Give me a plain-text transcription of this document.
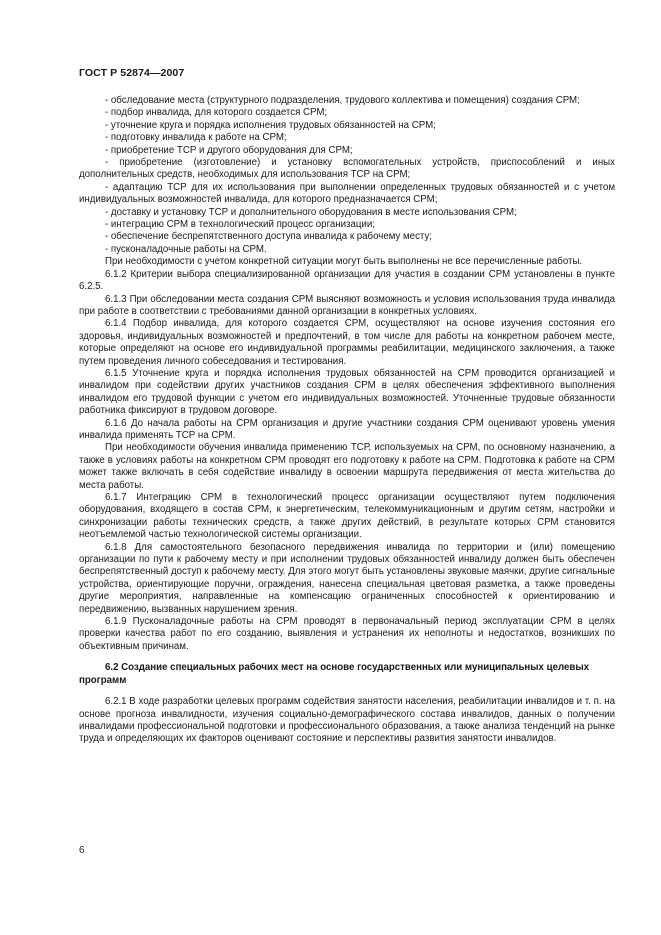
ГОСТ Р 52874—2007

- обследование места (структурного подразделения, трудового коллектива и помещения) создания СРМ;

- подбор инвалида, для которого создается СРМ;

- уточнение круга и порядка исполнения трудовых обязанностей на СРМ;

- подготовку инвалида к работе на СРМ;

- приобретение ТСР и другого оборудования для СРМ;

- приобретение (изготовление) и установку вспомогательных устройств, приспособлений и иных дополнительных средств, необходимых для использования ТСР на СРМ;

- адаптацию ТСР для их использования при выполнении определенных трудовых обязанностей и с учетом индивидуальных возможностей инвалида, для которого предназначается СРМ;

- доставку и установку ТСР и дополнительного оборудования в месте использования СРМ;

- интеграцию СРМ в технологический процесс организации;

- обеспечение беспрепятственного доступа инвалида к рабочему месту;

- пусконаладочные работы на СРМ.

При необходимости с учетом конкретной ситуации могут быть выполнены не все перечисленные работы.

6.1.2 Критерии выбора специализированной организации для участия в создании СРМ установлены в пункте 6.2.5.

6.1.3 При обследовании места создания СРМ выясняют возможность и условия использования труда инвалида при работе в соответствии с требованиями данной организации в конкретных условиях.

6.1.4 Подбор инвалида, для которого создается СРМ, осуществляют на основе изучения состояния его здоровья, индивидуальных возможностей и предпочтений, в том числе для работы на конкретном рабочем месте, которые определяют на основе его индивидуальной программы реабилитации, медицинского заключения, а также путем проведения личного собеседования и тестирования.

6.1.5 Уточнение круга и порядка исполнения трудовых обязанностей на СРМ проводится организацией и инвалидом при содействии других участников создания СРМ в целях обеспечения эффективного выполнения инвалидом его трудовой функции с учетом его индивидуальных возможностей. Уточненные трудовые обязанности работника фиксируют в трудовом договоре.

6.1.6 До начала работы на СРМ организация и другие участники создания СРМ оценивают уровень умения инвалида применять ТСР на СРМ.

При необходимости обучения инвалида применению ТСР, используемых на СРМ, по основному назначению, а также в условиях работы на конкретном СРМ проводят его подготовку к работе на СРМ. Подготовка к работе на СРМ может также включать в себя содействие инвалиду в освоении маршрута передвижения от места жительства до места работы.

6.1.7 Интеграцию СРМ в технологический процесс организации осуществляют путем подключения оборудования, входящего в состав СРМ, к энергетическим, телекоммуникационным и другим сетям, настройки и синхронизации работы технических средств, а также других действий, в результате которых СРМ становится неотъемлемой частью технологической системы организации.

6.1.8 Для самостоятельного безопасного передвижения инвалида по территории и (или) помещению организации по пути к рабочему месту и при исполнении трудовых обязанностей инвалиду должен быть обеспечен беспрепятственный доступ к рабочему месту. Для этого могут быть установлены звуковые маячки, другие сигнальные устройства, ориентирующие поручни, ограждения, нанесена специальная цветовая разметка, а также проведены другие мероприятия, направленные на компенсацию ограниченных способностей к ориентированию и передвижению, вызванных нарушением зрения.

6.1.9 Пусконаладочные работы на СРМ проводят в первоначальный период эксплуатации СРМ в целях проверки качества работ по его созданию, выявления и устранения их неполноты и недостатков, возникших по объективным причинам.

6.2 Создание специальных рабочих мест на основе государственных или муниципальных целевых программ

6.2.1 В ходе разработки целевых программ содействия занятости населения, реабилитации инвалидов и т. п. на основе прогноза инвалидности, изучения социально-демографического состава инвалидов, данных о получении инвалидами профессиональной подготовки и профессионального образования, а также анализа тенденций на рынке труда и определяющих их факторов оценивают состояние и перспективы развития занятости инвалидов.

6
